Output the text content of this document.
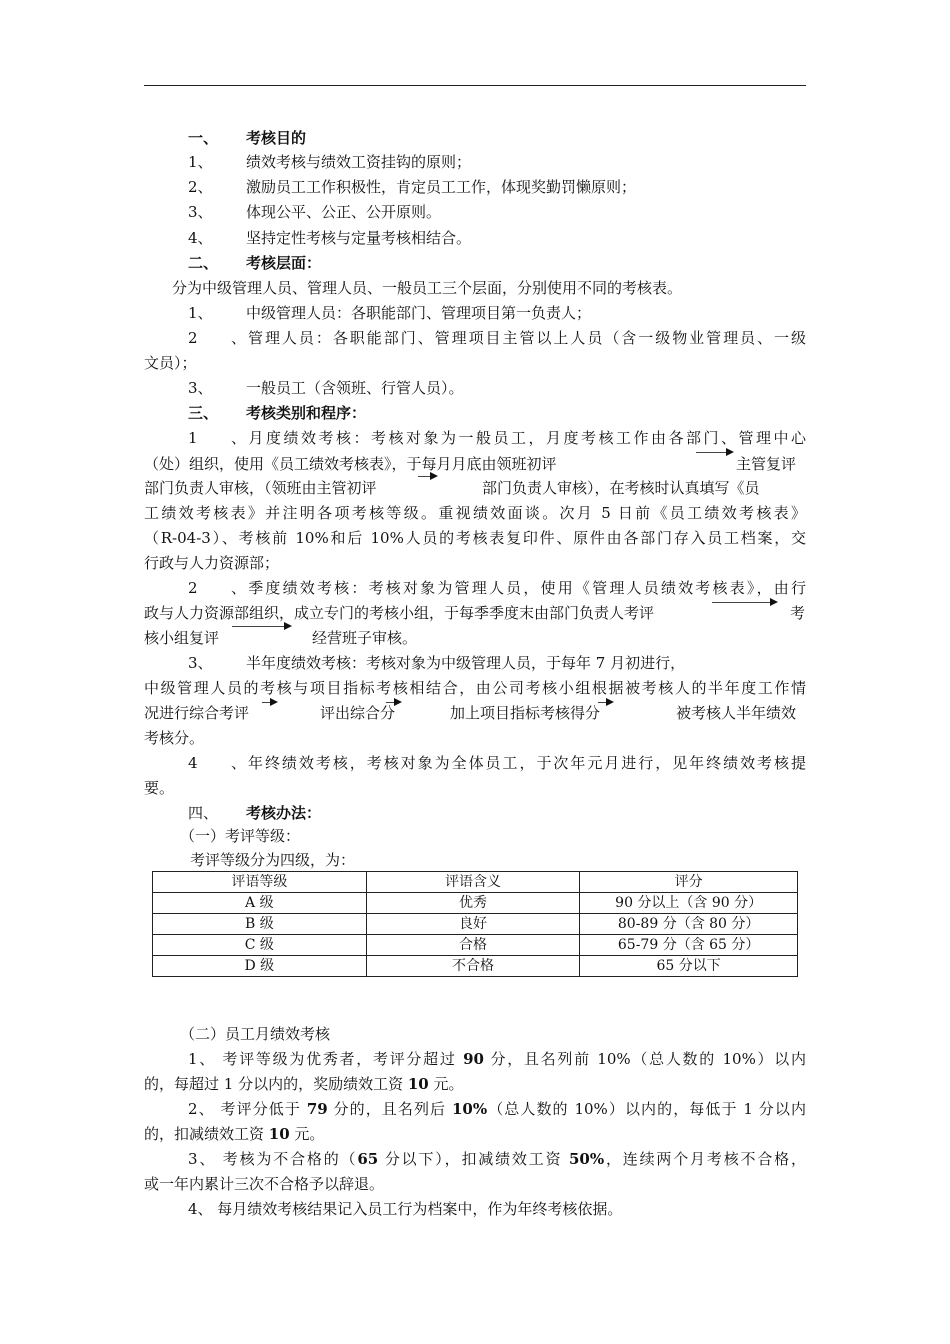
一、 考核目的
1、 绩效考核与绩效工资挂钩的原则；
2、 激励员工工作积极性，肯定员工工作，体现奖勤罚懒原则；
3、 体现公平、公正、公开原则。
4、 坚持定性考核与定量考核相结合。
二、 考核层面：
分为中级管理人员、管理人员、一般员工三个层面，分别使用不同的考核表。
1、 中级管理人员：各职能部门、管理项目第一负责人；
2、管理人员：各职能部门、管理项目主管以上人员（含一级物业管理员、一级
文员）；
3、 一般员工（含领班、行管人员）。
三、 考核类别和程序：
1、月度绩效考核：考核对象为一般员工，月度考核工作由各部门、管理中心
（处）组织，使用《员工绩效考核表》，于每月月底由领班初评	主管复评
部门负责人审核，（领班由主管初评	部门负责人审核），在考核时认真填写《员
工绩效考核表》并注明各项考核等级。重视绩效面谈。次月 5 日前《员工绩效考核表》
（R-04-3）、考核前 10%和后 10%人员的考核表复印件、原件由各部门存入员工档案，交
行政与人力资源部；
2、季度绩效考核：考核对象为管理人员，使用《管理人员绩效考核表》，由行
政与人力资源部组织，成立专门的考核小组，于每季季度末由部门负责人考评	考
核小组复评	经营班子审核。
3、 半年度绩效考核：考核对象为中级管理人员，于每年 7 月初进行，
中级管理人员的考核与项目指标考核相结合，由公司考核小组根据被考核人的半年度工作情
况进行综合考评	评出综合分	加上项目指标考核得分	被考核人半年绩效
考核分。
4、年终绩效考核，考核对象为全体员工，于次年元月进行，见年终绩效考核提
要。
四、 考核办法：
（一）考评等级：
考评等级分为四级，为：
评语等级	评语含义	评分
A 级	优秀	90 分以上（含 90 分）
B 级	良好	80-89 分（含 80 分）
C 级	合格	65-79 分（含 65 分）
D 级	不合格	65 分以下
（二）员工月绩效考核
1、 考评等级为优秀者，考评分超过 90 分，且名列前 10%（总人数的 10%）以内
的，每超过 1 分以内的，奖励绩效工资 10 元。
2、 考评分低于 79 分的，且名列后 10%（总人数的 10%）以内的，每低于 1 分以内
的，扣减绩效工资 10 元。
3、 考核为不合格的（65 分以下），扣减绩效工资 50%，连续两个月考核不合格，
或一年内累计三次不合格予以辞退。
4、 每月绩效考核结果记入员工行为档案中，作为年终考核依据。
